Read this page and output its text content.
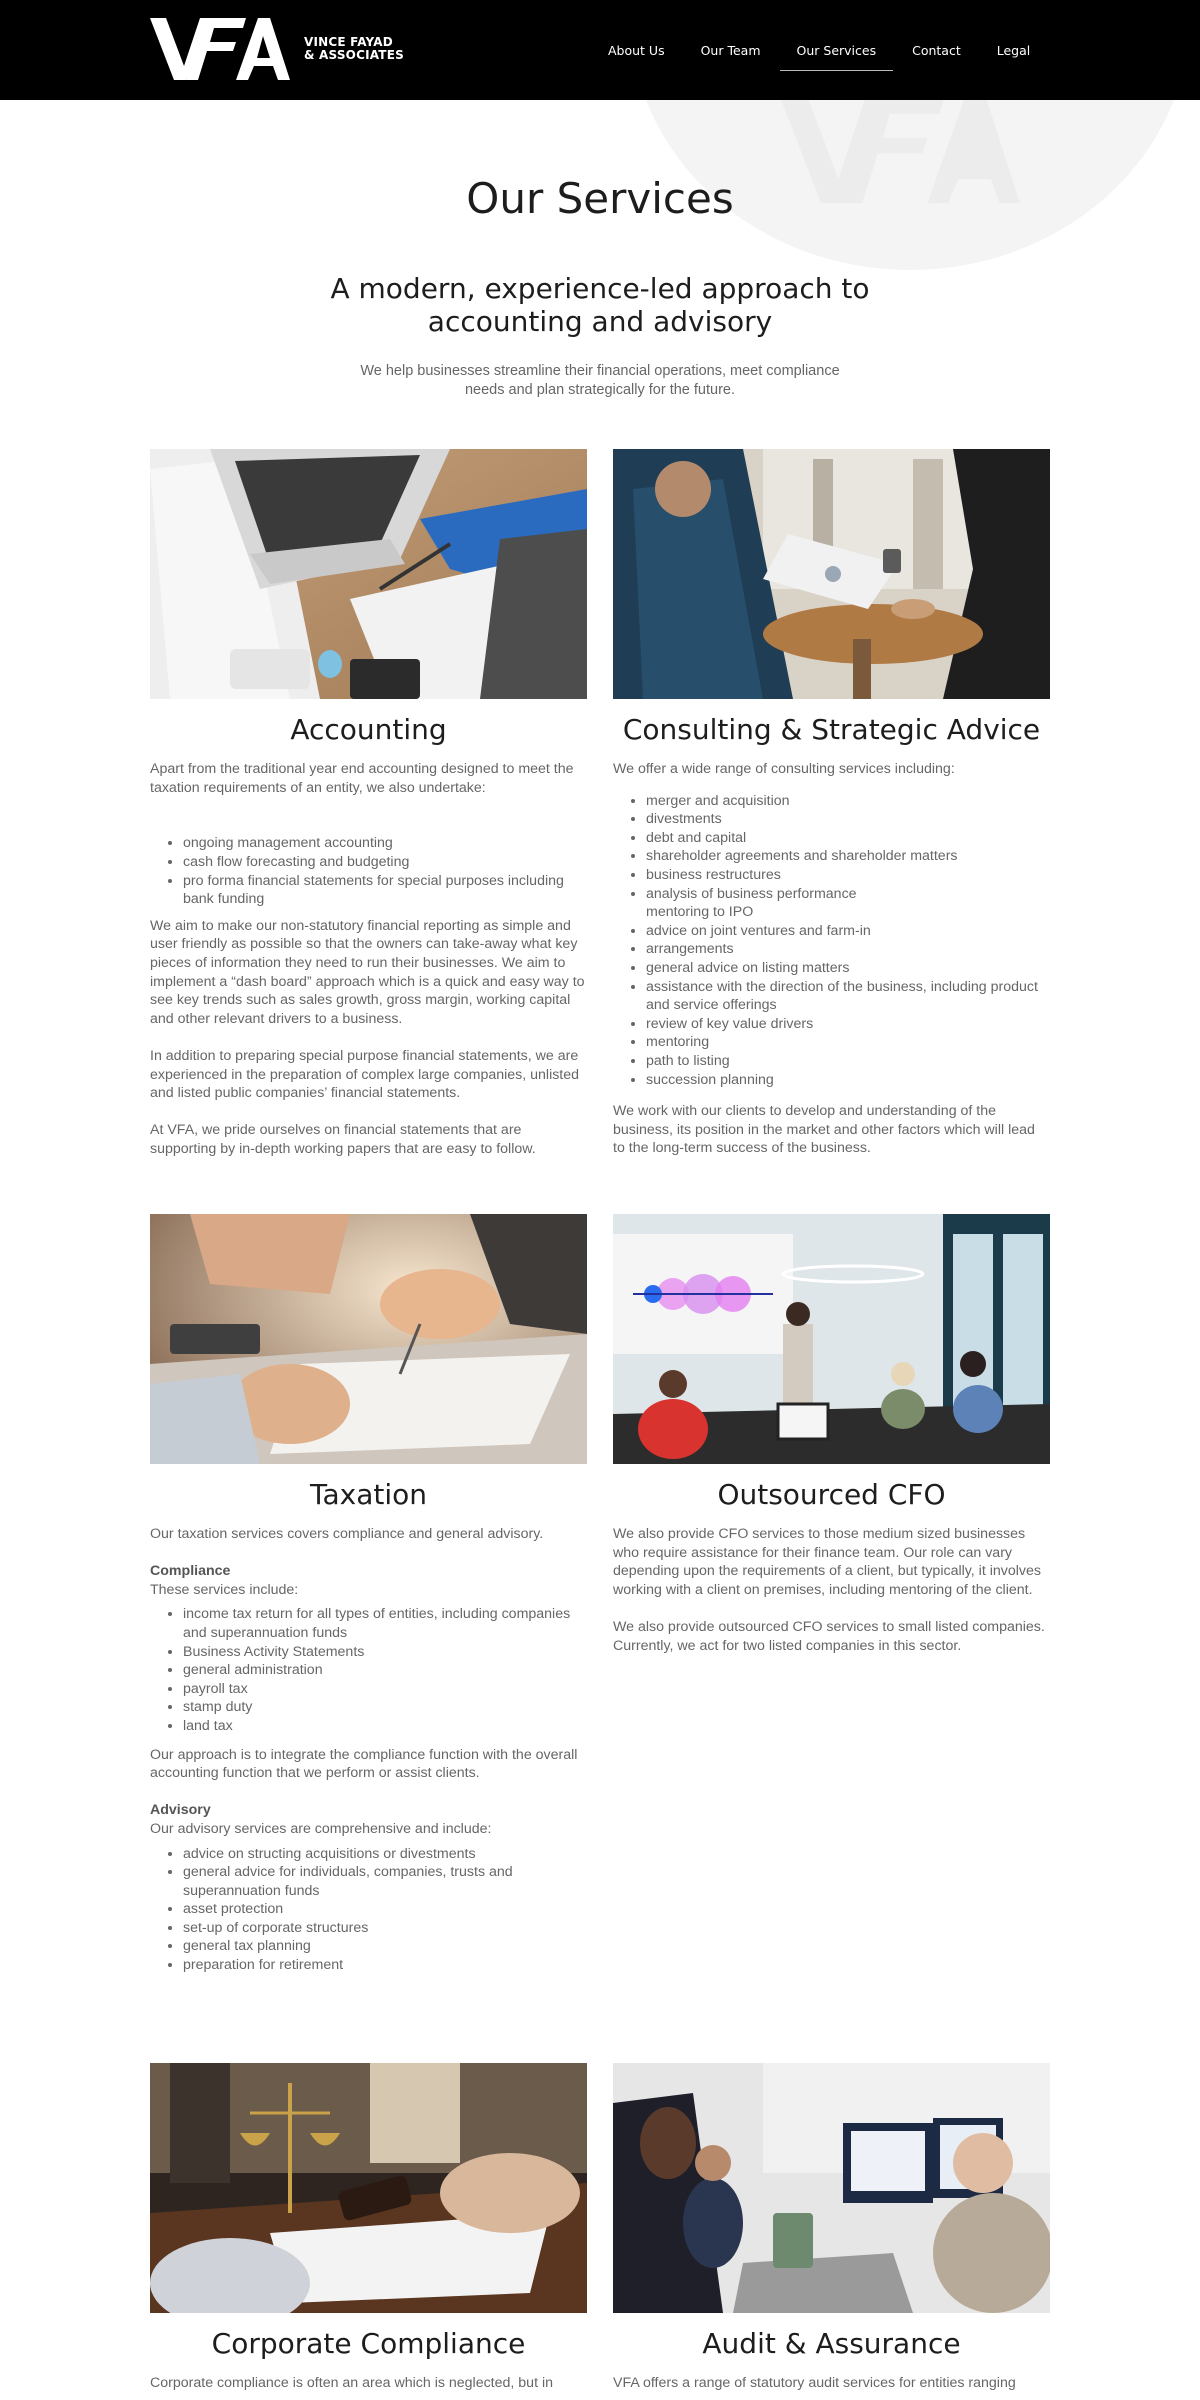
VINCE FAYAD
& ASSOCIATES	About Us	Our Team	Our Services	Contact	Legal
Our Services
A modern, experience-led approach to accounting and advisory

We help businesses streamline their financial operations, meet compliance needs and plan strategically for the future.

Accounting

Apart from the traditional year end accounting designed to meet the taxation requirements of an entity, we also undertake:

• ongoing management accounting
• cash flow forecasting and budgeting
• pro forma financial statements for special purposes including bank funding

We aim to make our non-statutory financial reporting as simple and user friendly as possible so that the owners can take-away what key pieces of information they need to run their businesses. We aim to implement a “dash board” approach which is a quick and easy way to see key trends such as sales growth, gross margin, working capital and other relevant drivers to a business.

In addition to preparing special purpose financial statements, we are experienced in the preparation of complex large companies, unlisted and listed public companies’ financial statements.

At VFA, we pride ourselves on financial statements that are supporting by in-depth working papers that are easy to follow.

Consulting & Strategic Advice

We offer a wide range of consulting services including:

• merger and acquisition
• divestments
• debt and capital
• shareholder agreements and shareholder matters
• business restructures
• analysis of business performance
mentoring to IPO
• advice on joint ventures and farm-in
• arrangements
• general advice on listing matters
• assistance with the direction of the business, including product and service offerings
• review of key value drivers
• mentoring
• path to listing
• succession planning

We work with our clients to develop and understanding of the business, its position in the market and other factors which will lead to the long-term success of the business.

Taxation

Our taxation services covers compliance and general advisory.

Compliance

These services include:

• income tax return for all types of entities, including companies and superannuation funds
• Business Activity Statements
• general administration
• payroll tax
• stamp duty
• land tax

Our approach is to integrate the compliance function with the overall accounting function that we perform or assist clients.

Advisory

Our advisory services are comprehensive and include:

• advice on structing acquisitions or divestments
• general advice for individuals, companies, trusts and superannuation funds
• asset protection
• set-up of corporate structures
• general tax planning
• preparation for retirement
Outsourced CFO

We also provide CFO services to those medium sized businesses who require assistance for their finance team. Our role can vary depending upon the requirements of a client, but typically, it involves working with a client on premises, including mentoring of the client.

We also provide outsourced CFO services to small listed companies. Currently, we act for two listed companies in this sector.

Corporate Compliance

Corporate compliance is often an area which is neglected, but in

Audit & Assurance

VFA offers a range of statutory audit services for entities ranging
